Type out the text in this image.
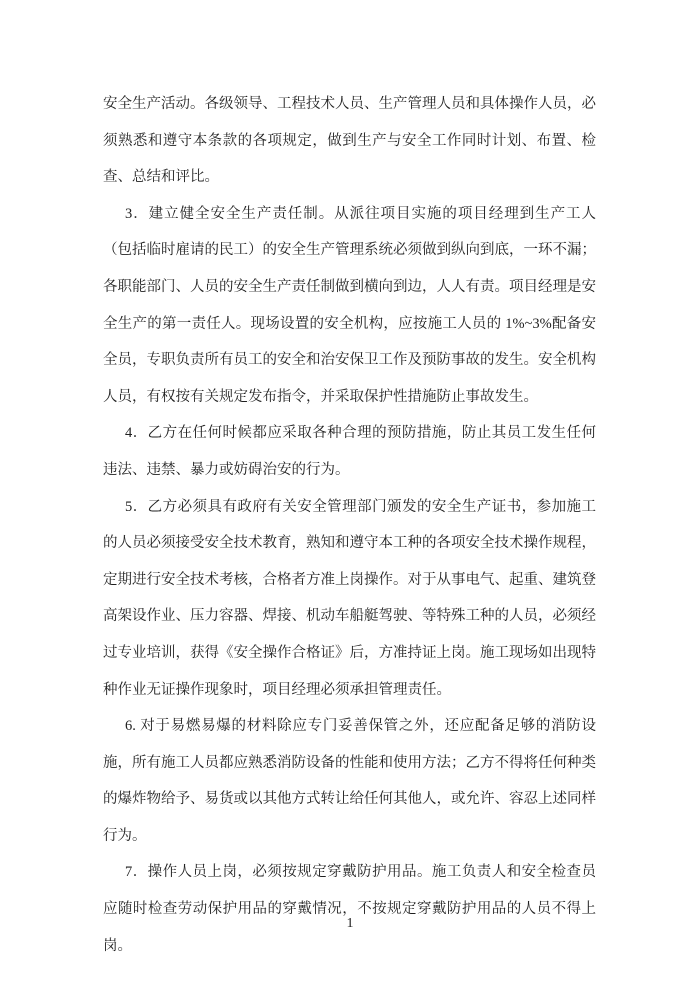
安全生产活动。各级领导、工程技术人员、生产管理人员和具体操作人员，必须熟悉和遵守本条款的各项规定，做到生产与安全工作同时计划、布置、检查、总结和评比。

3．建立健全安全生产责任制。从派往项目实施的项目经理到生产工人（包括临时雇请的民工）的安全生产管理系统必须做到纵向到底，一环不漏；各职能部门、人员的安全生产责任制做到横向到边，人人有责。项目经理是安全生产的第一责任人。现场设置的安全机构，应按施工人员的 1%~3%配备安全员，专职负责所有员工的安全和治安保卫工作及预防事故的发生。安全机构人员，有权按有关规定发布指令，并采取保护性措施防止事故发生。

4．乙方在任何时候都应采取各种合理的预防措施，防止其员工发生任何违法、违禁、暴力或妨碍治安的行为。

5．乙方必须具有政府有关安全管理部门颁发的安全生产证书，参加施工的人员必须接受安全技术教育，熟知和遵守本工种的各项安全技术操作规程，定期进行安全技术考核，合格者方准上岗操作。对于从事电气、起重、建筑登高架设作业、压力容器、焊接、机动车船艇驾驶、等特殊工种的人员，必须经过专业培训，获得《安全操作合格证》后，方准持证上岗。施工现场如出现特种作业无证操作现象时，项目经理必须承担管理责任。

6. 对于易燃易爆的材料除应专门妥善保管之外，还应配备足够的消防设施，所有施工人员都应熟悉消防设备的性能和使用方法；乙方不得将任何种类的爆炸物给予、易货或以其他方式转让给任何其他人，或允许、容忍上述同样行为。

7．操作人员上岗，必须按规定穿戴防护用品。施工负责人和安全检查员应随时检查劳动保护用品的穿戴情况，不按规定穿戴防护用品的人员不得上岗。

1
